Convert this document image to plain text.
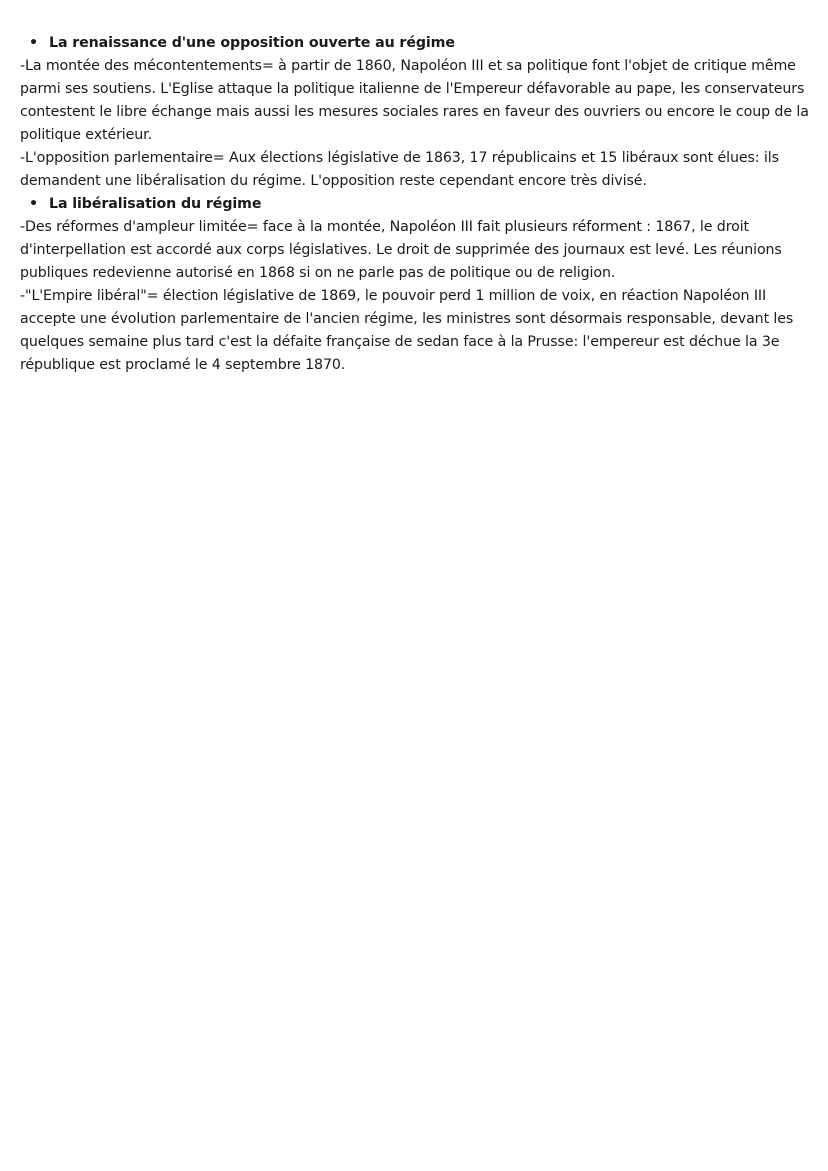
• La renaissance d'une opposition ouverte au régime

-La montée des mécontentements= à partir de 1860, Napoléon III et sa politique font l'objet de critique même parmi ses soutiens. L'Eglise attaque la politique italienne de l'Empereur défavorable au pape, les conservateurs contestent le libre échange mais aussi les mesures sociales rares en faveur des ouvriers ou encore le coup de la politique extérieur.

-L'opposition parlementaire= Aux élections législative de 1863, 17 républicains et 15 libéraux sont élues: ils demandent une libéralisation du régime. L'opposition reste cependant encore très divisé.

• La libéralisation du régime

-Des réformes d'ampleur limitée= face à la montée, Napoléon III fait plusieurs réforment : 1867, le droit d'interpellation est accordé aux corps législatives. Le droit de supprimée des journaux est levé. Les réunions publiques redevienne autorisé en 1868 si on ne parle pas de politique ou de religion.

-"L'Empire libéral"= élection législative de 1869, le pouvoir perd 1 million de voix, en réaction Napoléon III accepte une évolution parlementaire de l'ancien régime, les ministres sont désormais responsable, devant les quelques semaine plus tard c'est la défaite française de sedan face à la Prusse: l'empereur est déchue la 3e république est proclamé le 4 septembre 1870.
